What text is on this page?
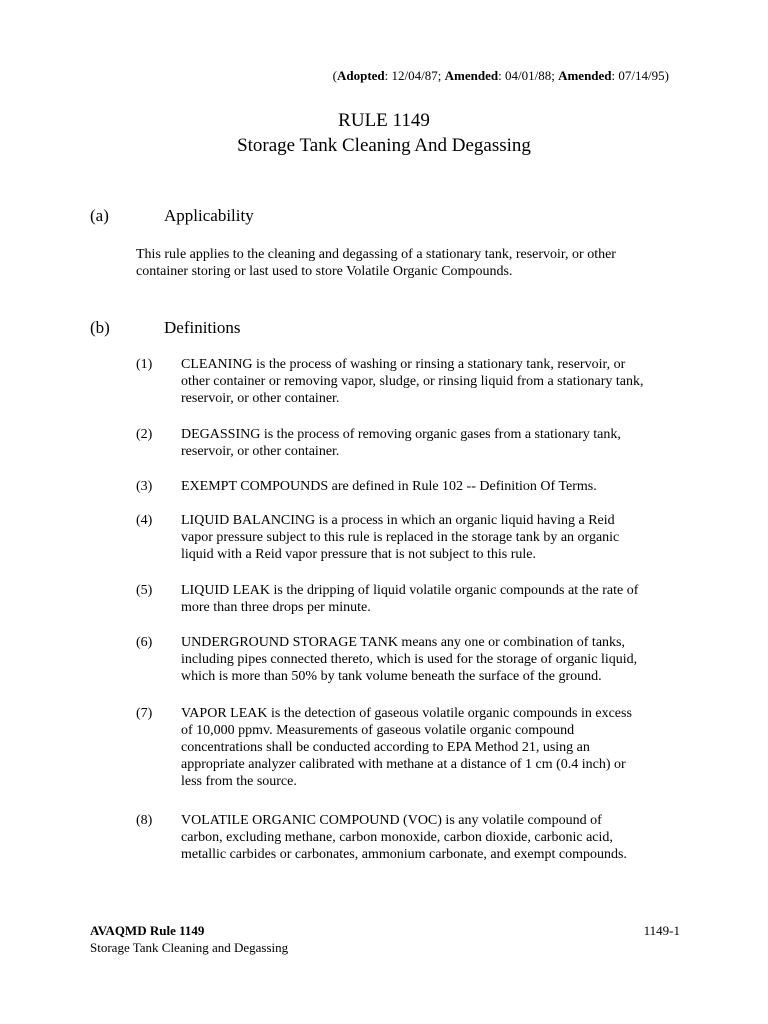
(Adopted: 12/04/87; Amended: 04/01/88; Amended: 07/14/95)
RULE 1149
Storage Tank Cleaning And Degassing
(a)	Applicability
This rule applies to the cleaning and degassing of a stationary tank, reservoir, or other
container storing or last used to store Volatile Organic Compounds.
(b)	Definitions
(1) CLEANING is the process of washing or rinsing a stationary tank, reservoir, or

other container or removing vapor, sludge, or rinsing liquid from a stationary tank,

reservoir, or other container.

(2) DEGASSING is the process of removing organic gases from a stationary tank,

reservoir, or other container.

(3) EXEMPT COMPOUNDS are defined in Rule 102 -- Definition Of Terms.

(4) LIQUID BALANCING is a process in which an organic liquid having a Reid

vapor pressure subject to this rule is replaced in the storage tank by an organic

liquid with a Reid vapor pressure that is not subject to this rule.

(5) LIQUID LEAK is the dripping of liquid volatile organic compounds at the rate of

more than three drops per minute.

(6) UNDERGROUND STORAGE TANK means any one or combination of tanks,

including pipes connected thereto, which is used for the storage of organic liquid,

which is more than 50% by tank volume beneath the surface of the ground.

(7) VAPOR LEAK is the detection of gaseous volatile organic compounds in excess

of 10,000 ppmv. Measurements of gaseous volatile organic compound

concentrations shall be conducted according to EPA Method 21, using an

appropriate analyzer calibrated with methane at a distance of 1 cm (0.4 inch) or

less from the source.

(8) VOLATILE ORGANIC COMPOUND (VOC) is any volatile compound of

carbon, excluding methane, carbon monoxide, carbon dioxide, carbonic acid,

metallic carbides or carbonates, ammonium carbonate, and exempt compounds.

AVAQMD Rule 1149
Storage Tank Cleaning and Degassing
1149-1
